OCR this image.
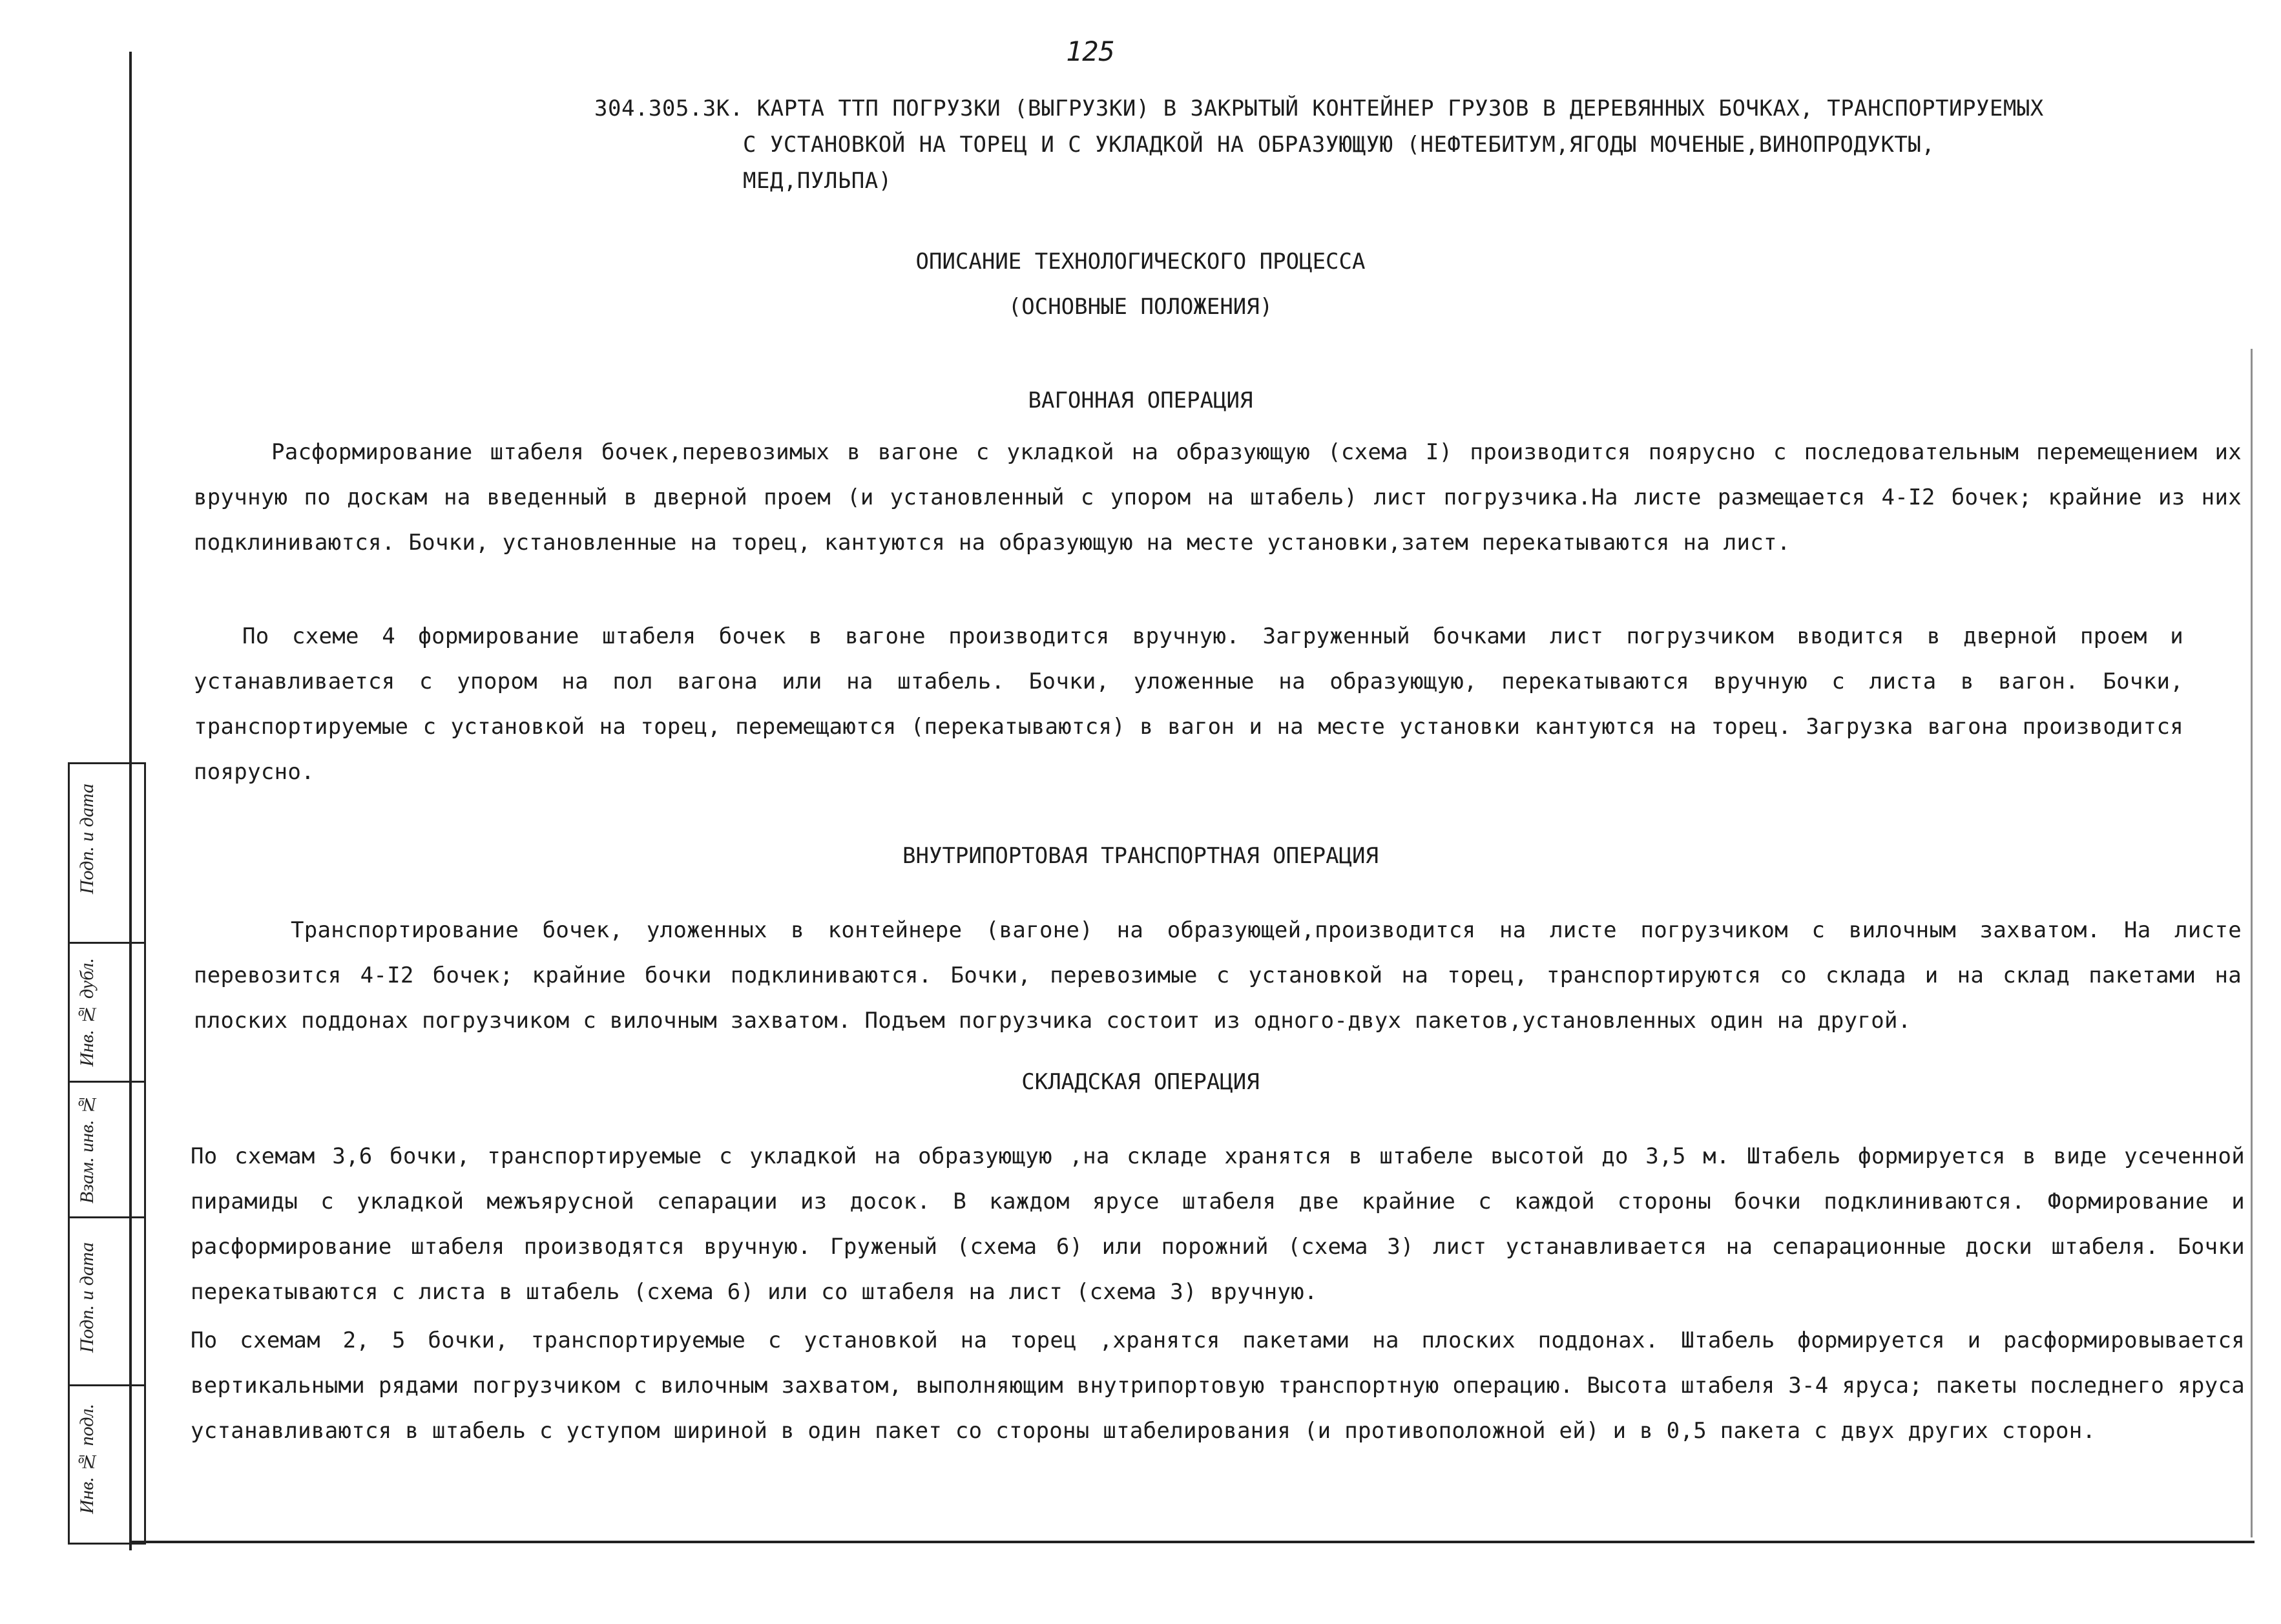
Подп. и дата
Инв. № дубл.
Взам. инв. №
Подп. и дата
Инв. № подл.
125
304.305.3К. КАРТА ТТП ПОГРУЗКИ (ВЫГРУЗКИ) В ЗАКРЫТЫЙ КОНТЕЙНЕР ГРУЗОВ В ДЕРЕВЯННЫХ БОЧКАХ, ТРАНСПОРТИРУЕМЫХ
С УСТАНОВКОЙ НА ТОРЕЦ И С УКЛАДКОЙ НА ОБРАЗУЮЩУЮ (НЕФТЕБИТУМ,ЯГОДЫ МОЧЕНЫЕ,ВИНОПРОДУКТЫ,
МЕД,ПУЛЬПА)
ОПИСАНИЕ ТЕХНОЛОГИЧЕСКОГО ПРОЦЕССА
(ОСНОВНЫЕ ПОЛОЖЕНИЯ)
ВАГОННАЯ ОПЕРАЦИЯ
Расформирование штабеля бочек,перевозимых в вагоне с укладкой на образующую (схема I) производится поярусно с последовательным перемещением их вручную по доскам на введенный в дверной проем (и установленный с упором на штабель) лист погрузчика.На листе размещается 4-I2 бочек; крайние из них подклиниваются. Бочки, установленные на торец, кантуются на образующую на месте установки,затем перекатываются на лист.
По схеме 4 формирование штабеля бочек в вагоне производится вручную. Загруженный бочками лист погрузчиком вводится в дверной проем и устанавливается с упором на пол вагона или на штабель. Бочки, уложенные на образующую, перекатываются вручную с листа в вагон. Бочки, транспортируемые с установкой на торец, перемещаются (перекатываются) в вагон и на месте установки кантуются на торец. Загрузка вагона производится поярусно.
ВНУТРИПОРТОВАЯ ТРАНСПОРТНАЯ ОПЕРАЦИЯ
Транспортирование бочек, уложенных в контейнере (вагоне) на образующей,производится на листе погрузчиком с вилочным захватом. На листе перевозится 4-I2 бочек; крайние бочки подклиниваются. Бочки, перевозимые с установкой на торец, транспортируются со склада и на склад пакетами на плоских поддонах погрузчиком с вилочным захватом. Подъем погрузчика состоит из одного-двух пакетов,установленных один на другой.
СКЛАДСКАЯ ОПЕРАЦИЯ
По схемам 3,6 бочки, транспортируемые с укладкой на образующую ,на складе хранятся в штабеле высотой до 3,5 м. Штабель формируется в виде усеченной пирамиды с укладкой межъярусной сепарации из досок. В каждом ярусе штабеля две крайние с каждой стороны бочки подклиниваются. Формирование и расформирование штабеля производятся вручную. Груженый (схема 6) или порожний (схема 3) лист устанавливается на сепарационные доски штабеля. Бочки перекатываются с листа в штабель (схема 6) или со штабеля на лист (схема 3) вручную.
По схемам 2, 5 бочки, транспортируемые с установкой на торец ,хранятся пакетами на плоских поддонах. Штабель формируется и расформировывается вертикальными рядами погрузчиком с вилочным захватом, выполняющим внутрипортовую транспортную операцию. Высота штабеля 3-4 яруса; пакеты последнего яруса устанавливаются в штабель с уступом шириной в один пакет со стороны штабелирования (и противоположной ей) и в 0,5 пакета с двух других сторон.
